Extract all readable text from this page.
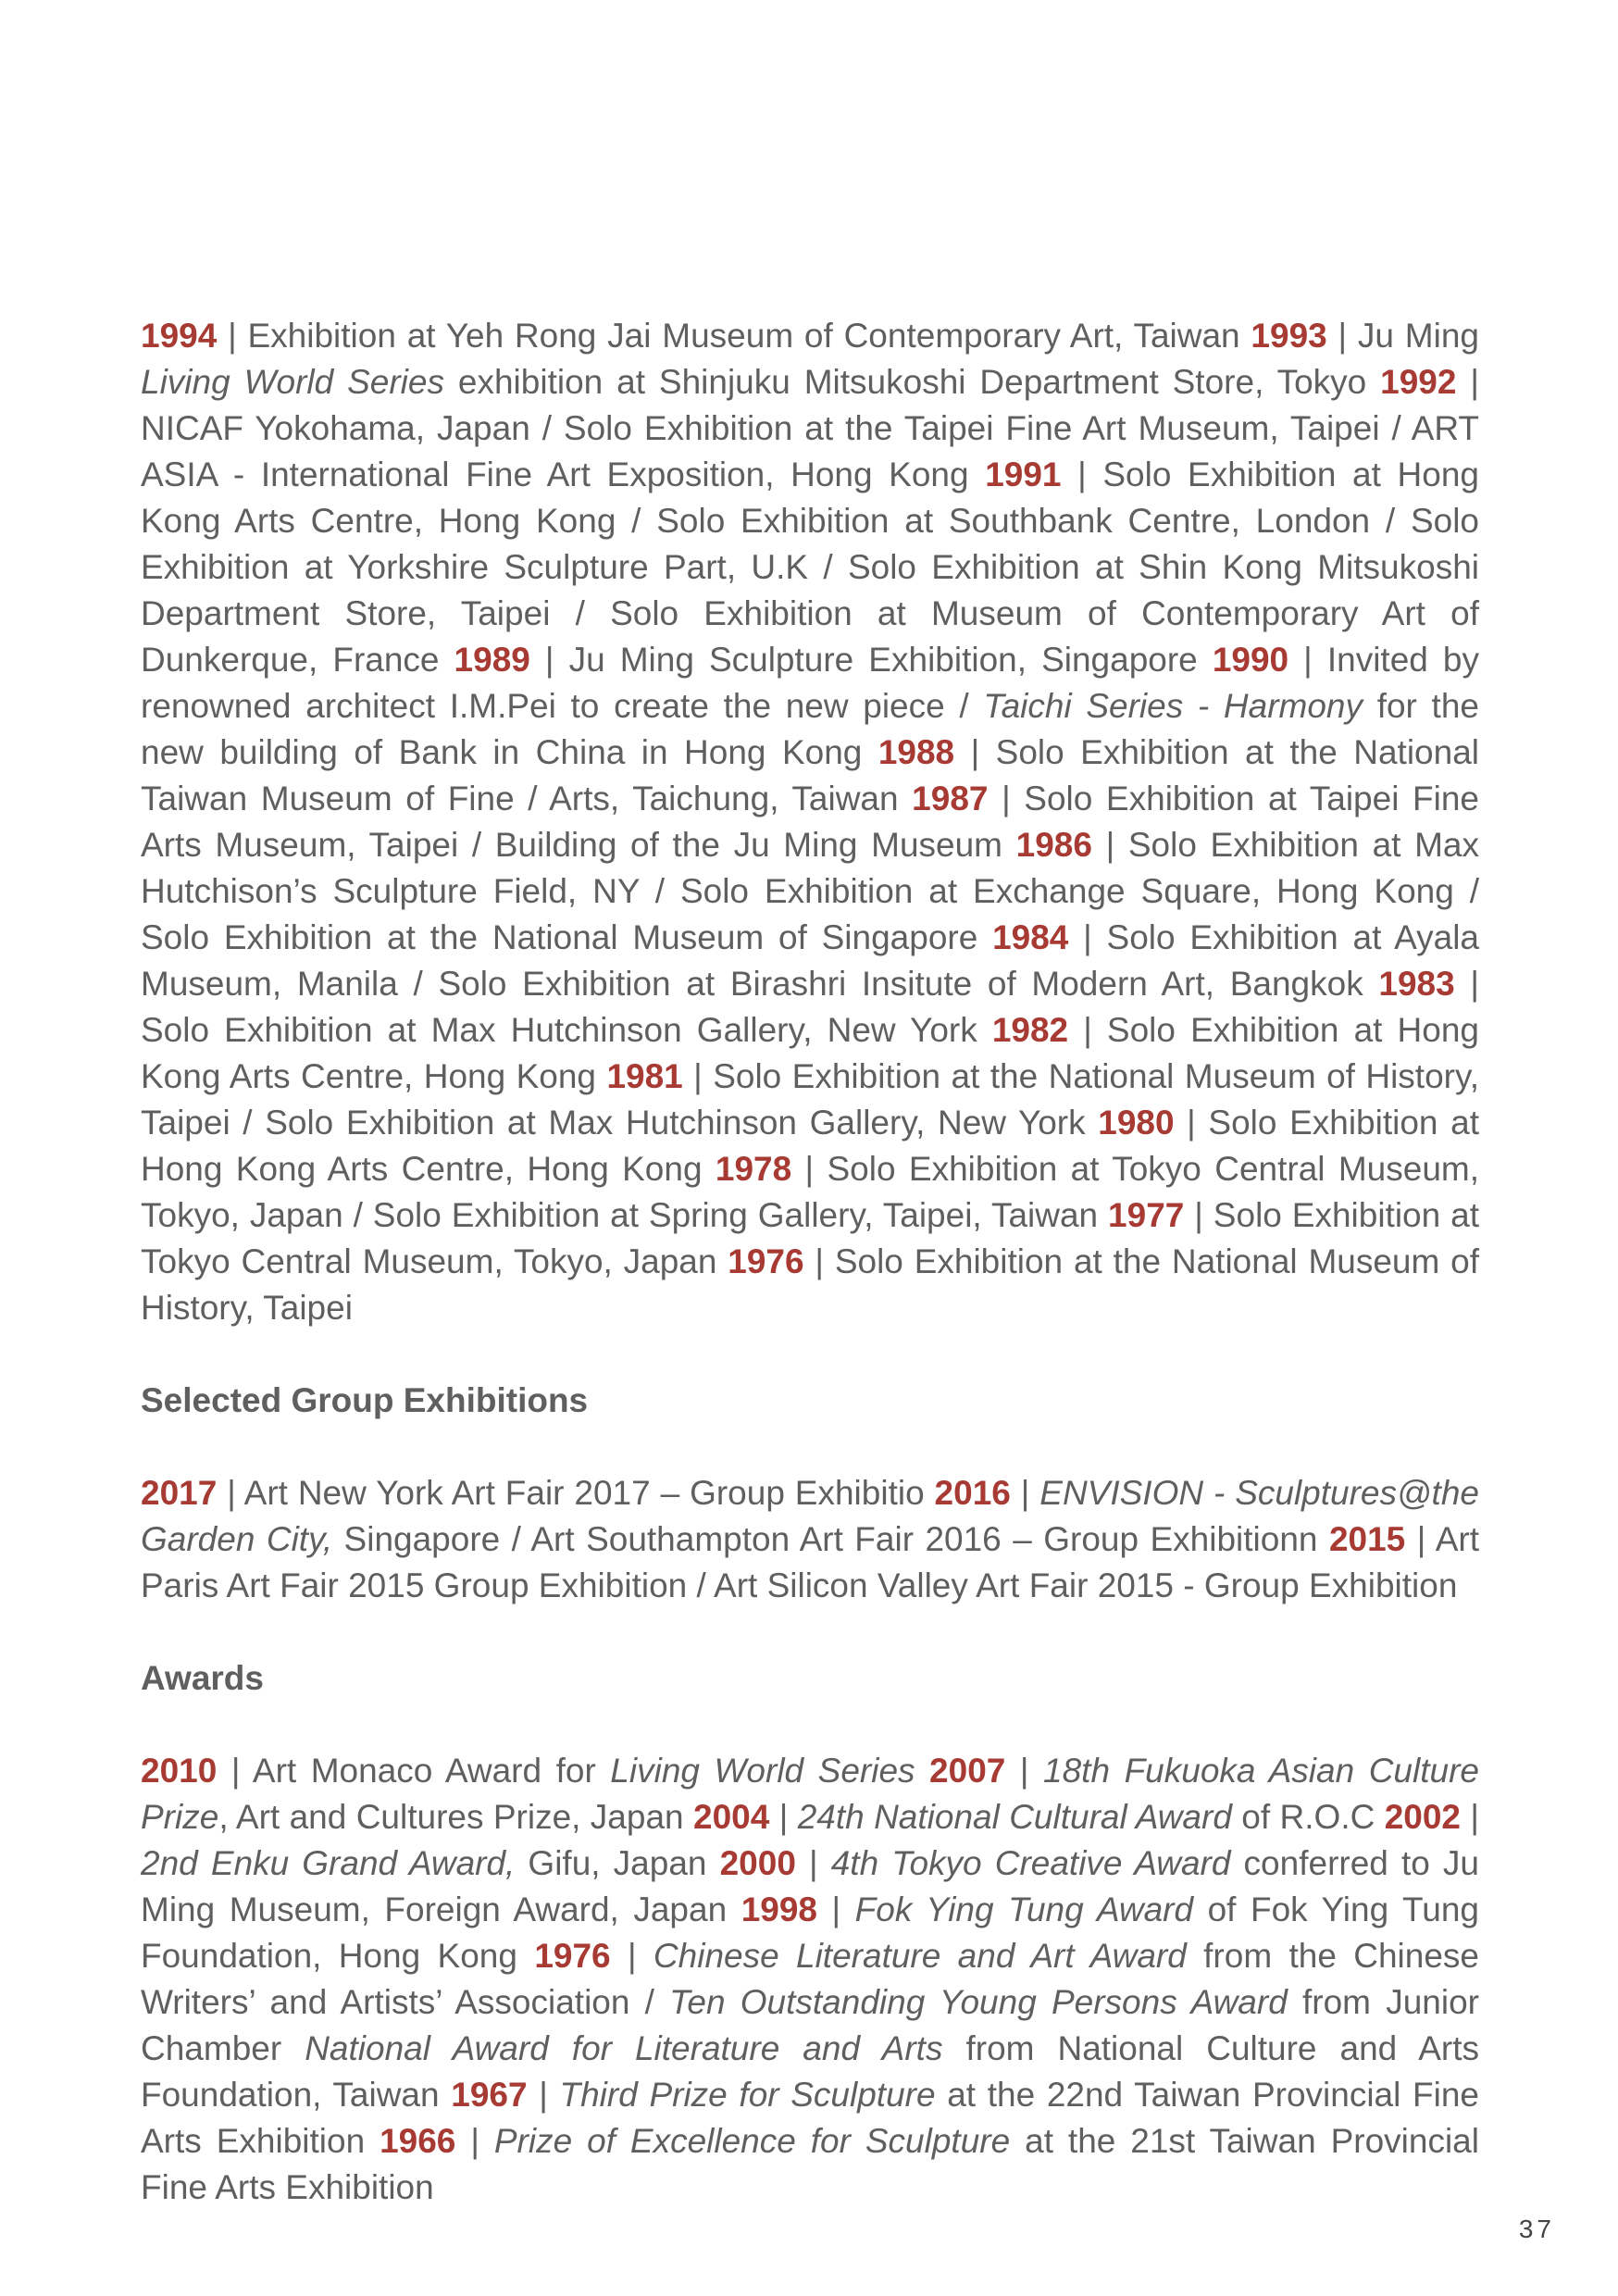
1994 | Exhibition at Yeh Rong Jai Museum of Contemporary Art, Taiwan 1993 | Ju Ming Living World Series exhibition at Shinjuku Mitsukoshi Department Store, Tokyo 1992 | NICAF Yokohama, Japan / Solo Exhibition at the Taipei Fine Art Museum, Taipei / ART ASIA - International Fine Art Exposition, Hong Kong 1991 | Solo Exhibition at Hong Kong Arts Centre, Hong Kong / Solo Exhibition at Southbank Centre, London / Solo Exhibition at Yorkshire Sculpture Part, U.K / Solo Exhibition at Shin Kong Mitsukoshi Department Store, Taipei / Solo Exhibition at Museum of Contemporary Art of Dunkerque, France 1989 | Ju Ming Sculpture Exhibition, Singapore 1990 | Invited by renowned architect I.M.Pei to create the new piece / Taichi Series - Harmony for the new building of Bank in China in Hong Kong 1988 | Solo Exhibition at the National Taiwan Museum of Fine / Arts, Taichung, Taiwan 1987 | Solo Exhibition at Taipei Fine Arts Museum, Taipei / Building of the Ju Ming Museum 1986 | Solo Exhibition at Max Hutchison’s Sculpture Field, NY / Solo Exhibition at Exchange Square, Hong Kong / Solo Exhibition at the National Museum of Singapore 1984 | Solo Exhibition at Ayala Museum, Manila / Solo Exhibition at Birashri Insitute of Modern Art, Bangkok 1983 | Solo Exhibition at Max Hutchinson Gallery, New York 1982 | Solo Exhibition at Hong Kong Arts Centre, Hong Kong 1981 | Solo Exhibition at the National Museum of History, Taipei / Solo Exhibition at Max Hutchinson Gallery, New York 1980 | Solo Exhibition at Hong Kong Arts Centre, Hong Kong 1978 | Solo Exhibition at Tokyo Central Museum, Tokyo, Japan / Solo Exhibition at Spring Gallery, Taipei, Taiwan 1977 | Solo Exhibition at Tokyo Central Museum, Tokyo, Japan 1976 | Solo Exhibition at the National Museum of History, Taipei

Selected Group Exhibitions

2017 | Art New York Art Fair 2017 – Group Exhibitio 2016 | ENVISION - Sculptures@the Garden City, Singapore / Art Southampton Art Fair 2016 – Group Exhibitionn 2015 | Art Paris Art Fair 2015 Group Exhibition / Art Silicon Valley Art Fair 2015 - Group Exhibition

Awards

2010 | Art Monaco Award for Living World Series 2007 | 18th Fukuoka Asian Culture Prize, Art and Cultures Prize, Japan 2004 | 24th National Cultural Award of R.O.C 2002 | 2nd Enku Grand Award, Gifu, Japan 2000 | 4th Tokyo Creative Award conferred to Ju Ming Museum, Foreign Award, Japan 1998 | Fok Ying Tung Award of Fok Ying Tung Foundation, Hong Kong 1976 | Chinese Literature and Art Award from the Chinese Writers’ and Artists’ Association / Ten Outstanding Young Persons Award from Junior Chamber National Award for Literature and Arts from National Culture and Arts Foundation, Taiwan 1967 | Third Prize for Sculpture at the 22nd Taiwan Provincial Fine Arts Exhibition 1966 | Prize of Excellence for Sculpture at the 21st Taiwan Provincial Fine Arts Exhibition

37
